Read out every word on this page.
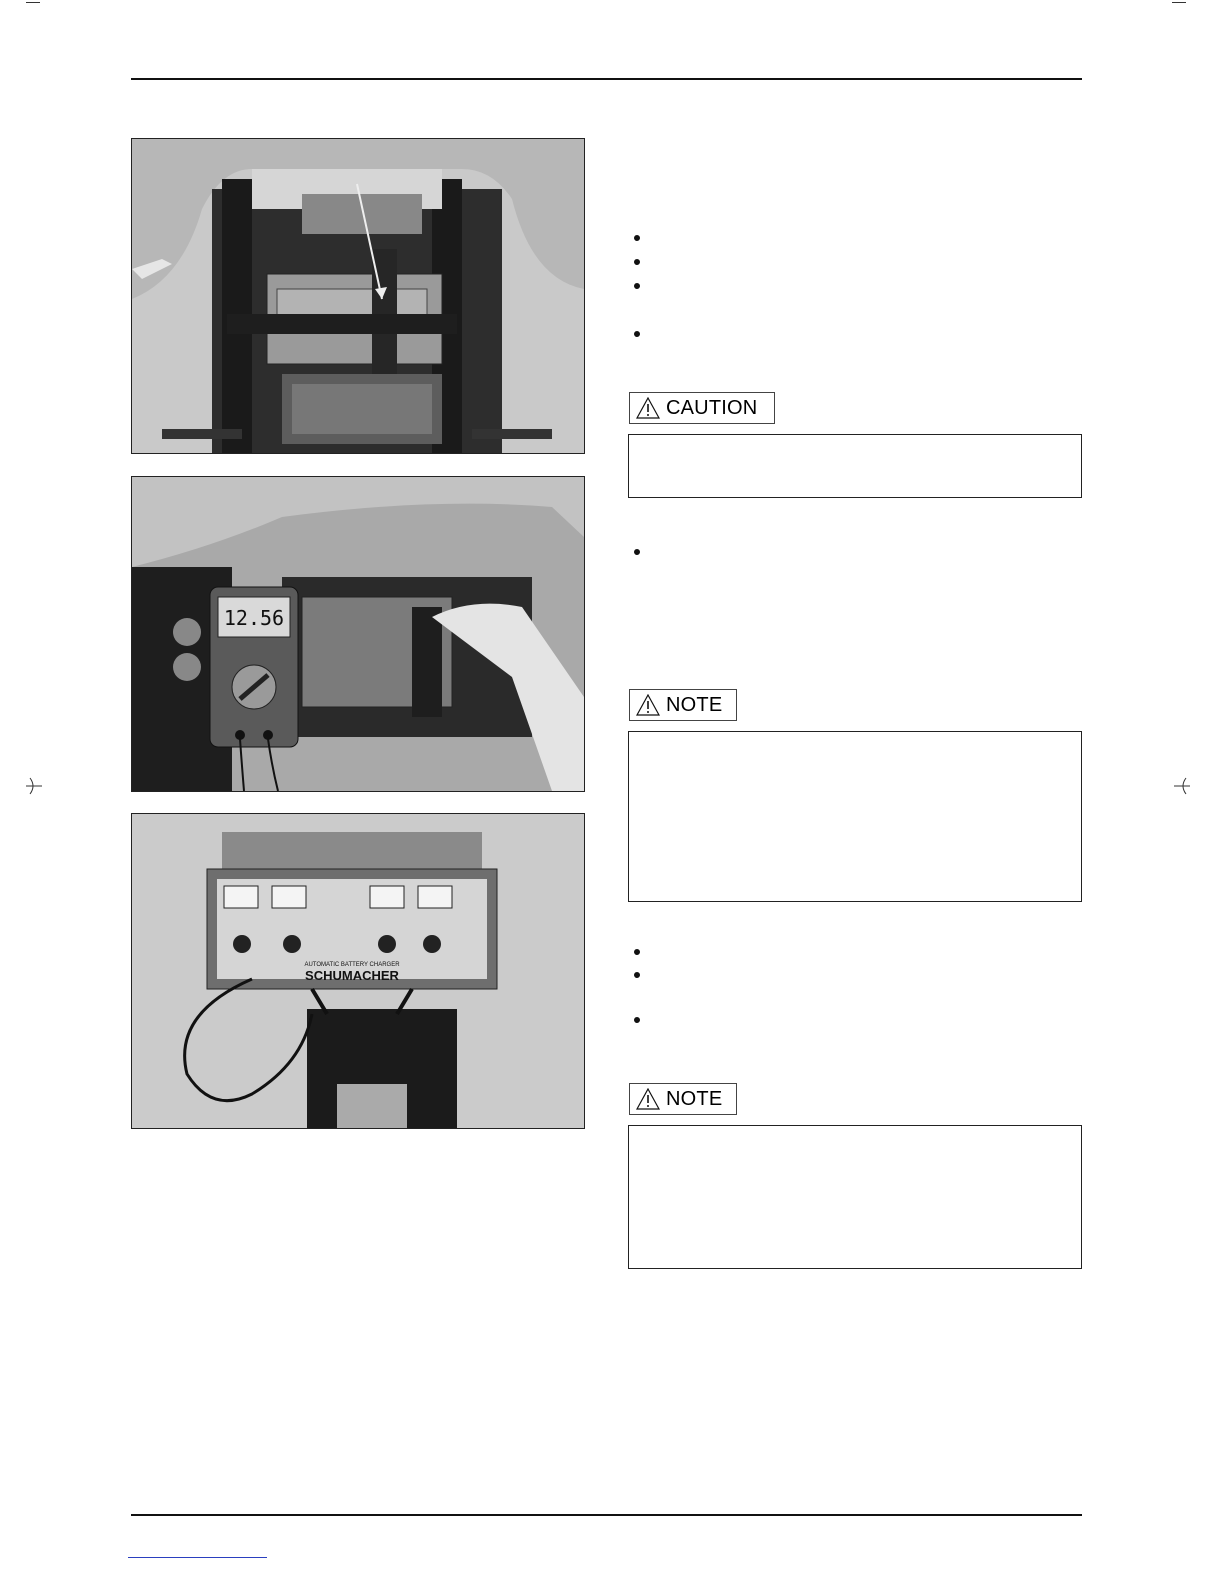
12.56
AUTOMATIC BATTERY CHARGER
SCHUMACHER
CAUTION
NOTE
NOTE
